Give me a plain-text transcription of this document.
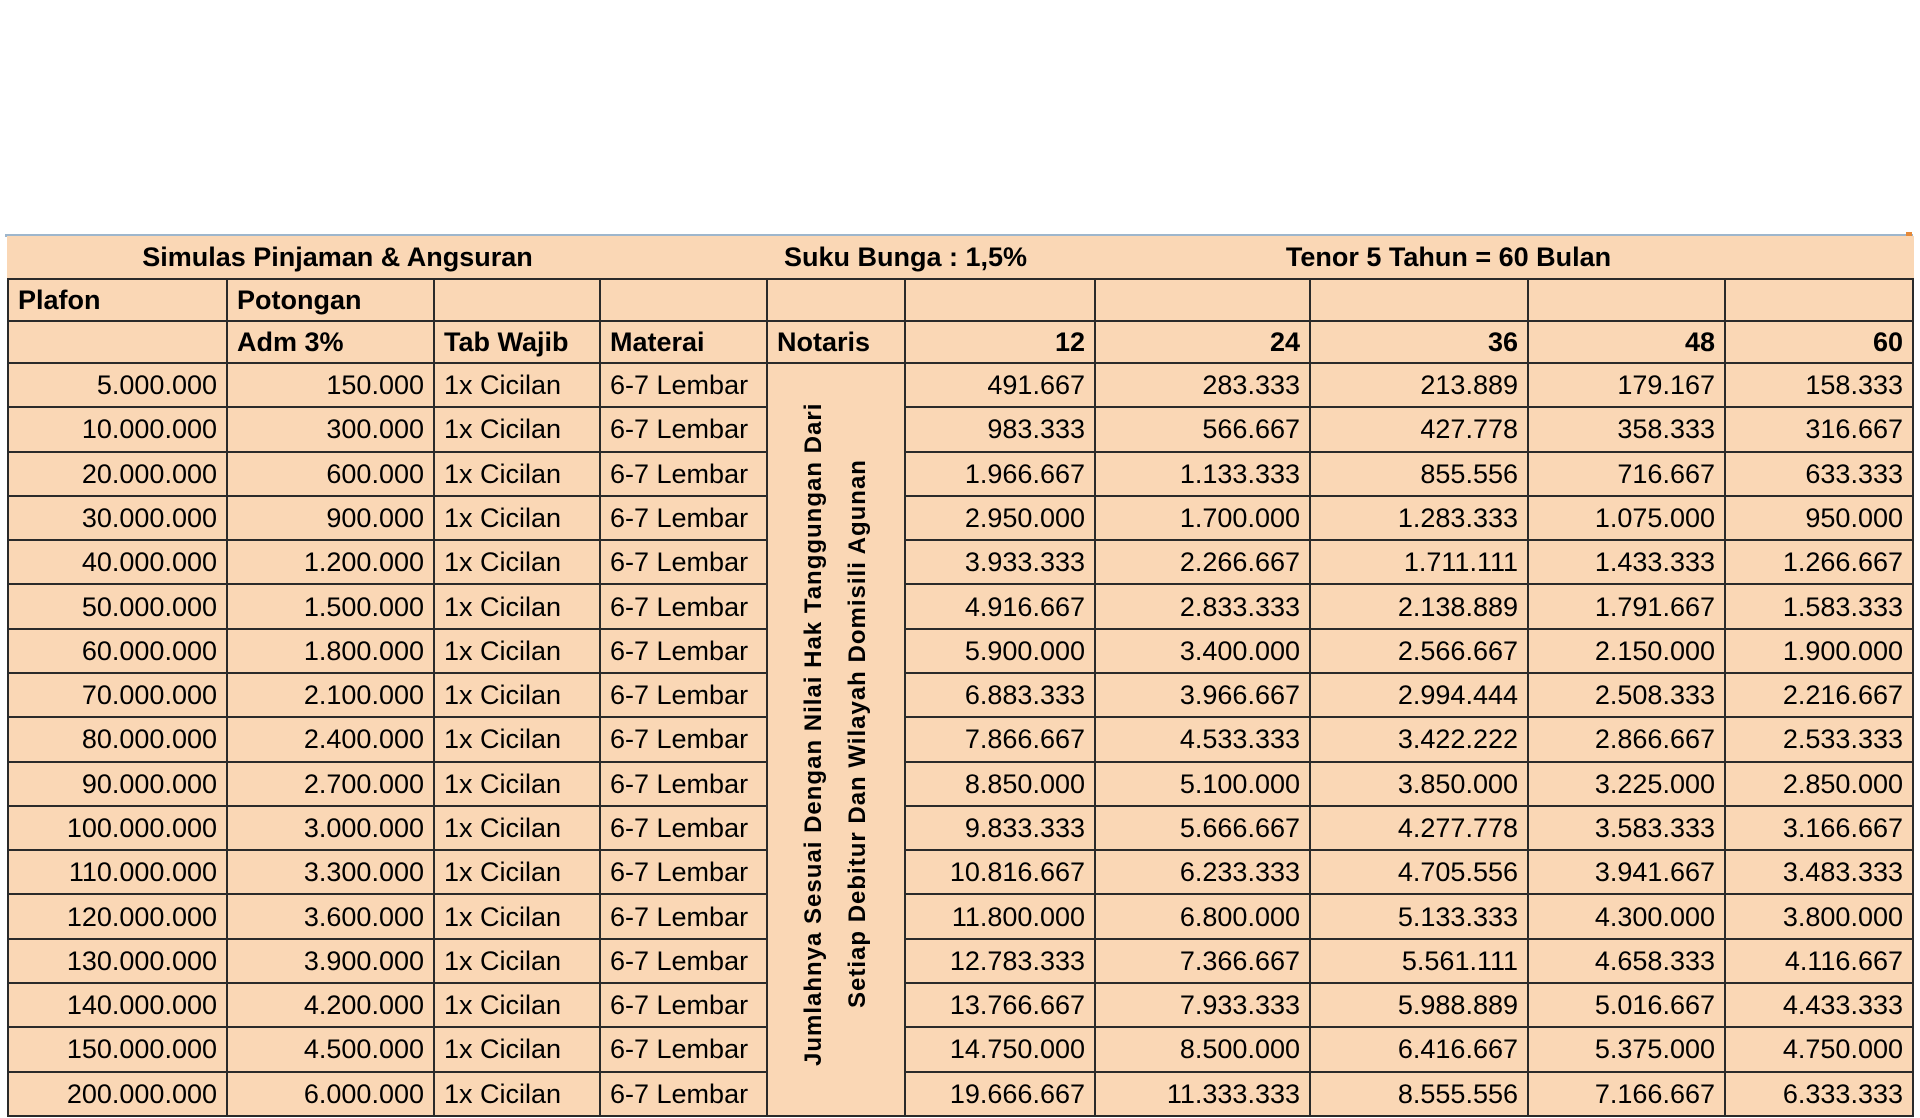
Simulas Pinjaman & Angsuran				Suku Bunga : 1,5%		Tenor 5 Tahun = 60 Bulan			
Plafon	Potongan								
	Adm 3%	Tab Wajib	Materai	Notaris	12	24	36	48	60
5.000.000	150.000	1x Cicilan	6-7 Lembar	Jumlahnya Sesuai Dengan Nilai Hak Tanggungan Dari Setiap Debitur Dan Wilayah Domisili Agunan	491.667	283.333	213.889	179.167	158.333
10.000.000	300.000	1x Cicilan	6-7 Lembar		983.333	566.667	427.778	358.333	316.667
20.000.000	600.000	1x Cicilan	6-7 Lembar		1.966.667	1.133.333	855.556	716.667	633.333
30.000.000	900.000	1x Cicilan	6-7 Lembar		2.950.000	1.700.000	1.283.333	1.075.000	950.000
40.000.000	1.200.000	1x Cicilan	6-7 Lembar		3.933.333	2.266.667	1.711.111	1.433.333	1.266.667
50.000.000	1.500.000	1x Cicilan	6-7 Lembar		4.916.667	2.833.333	2.138.889	1.791.667	1.583.333
60.000.000	1.800.000	1x Cicilan	6-7 Lembar		5.900.000	3.400.000	2.566.667	2.150.000	1.900.000
70.000.000	2.100.000	1x Cicilan	6-7 Lembar		6.883.333	3.966.667	2.994.444	2.508.333	2.216.667
80.000.000	2.400.000	1x Cicilan	6-7 Lembar		7.866.667	4.533.333	3.422.222	2.866.667	2.533.333
90.000.000	2.700.000	1x Cicilan	6-7 Lembar		8.850.000	5.100.000	3.850.000	3.225.000	2.850.000
100.000.000	3.000.000	1x Cicilan	6-7 Lembar		9.833.333	5.666.667	4.277.778	3.583.333	3.166.667
110.000.000	3.300.000	1x Cicilan	6-7 Lembar		10.816.667	6.233.333	4.705.556	3.941.667	3.483.333
120.000.000	3.600.000	1x Cicilan	6-7 Lembar		11.800.000	6.800.000	5.133.333	4.300.000	3.800.000
130.000.000	3.900.000	1x Cicilan	6-7 Lembar		12.783.333	7.366.667	5.561.111	4.658.333	4.116.667
140.000.000	4.200.000	1x Cicilan	6-7 Lembar		13.766.667	7.933.333	5.988.889	5.016.667	4.433.333
150.000.000	4.500.000	1x Cicilan	6-7 Lembar		14.750.000	8.500.000	6.416.667	5.375.000	4.750.000
200.000.000	6.000.000	1x Cicilan	6-7 Lembar		19.666.667	11.333.333	8.555.556	7.166.667	6.333.333
